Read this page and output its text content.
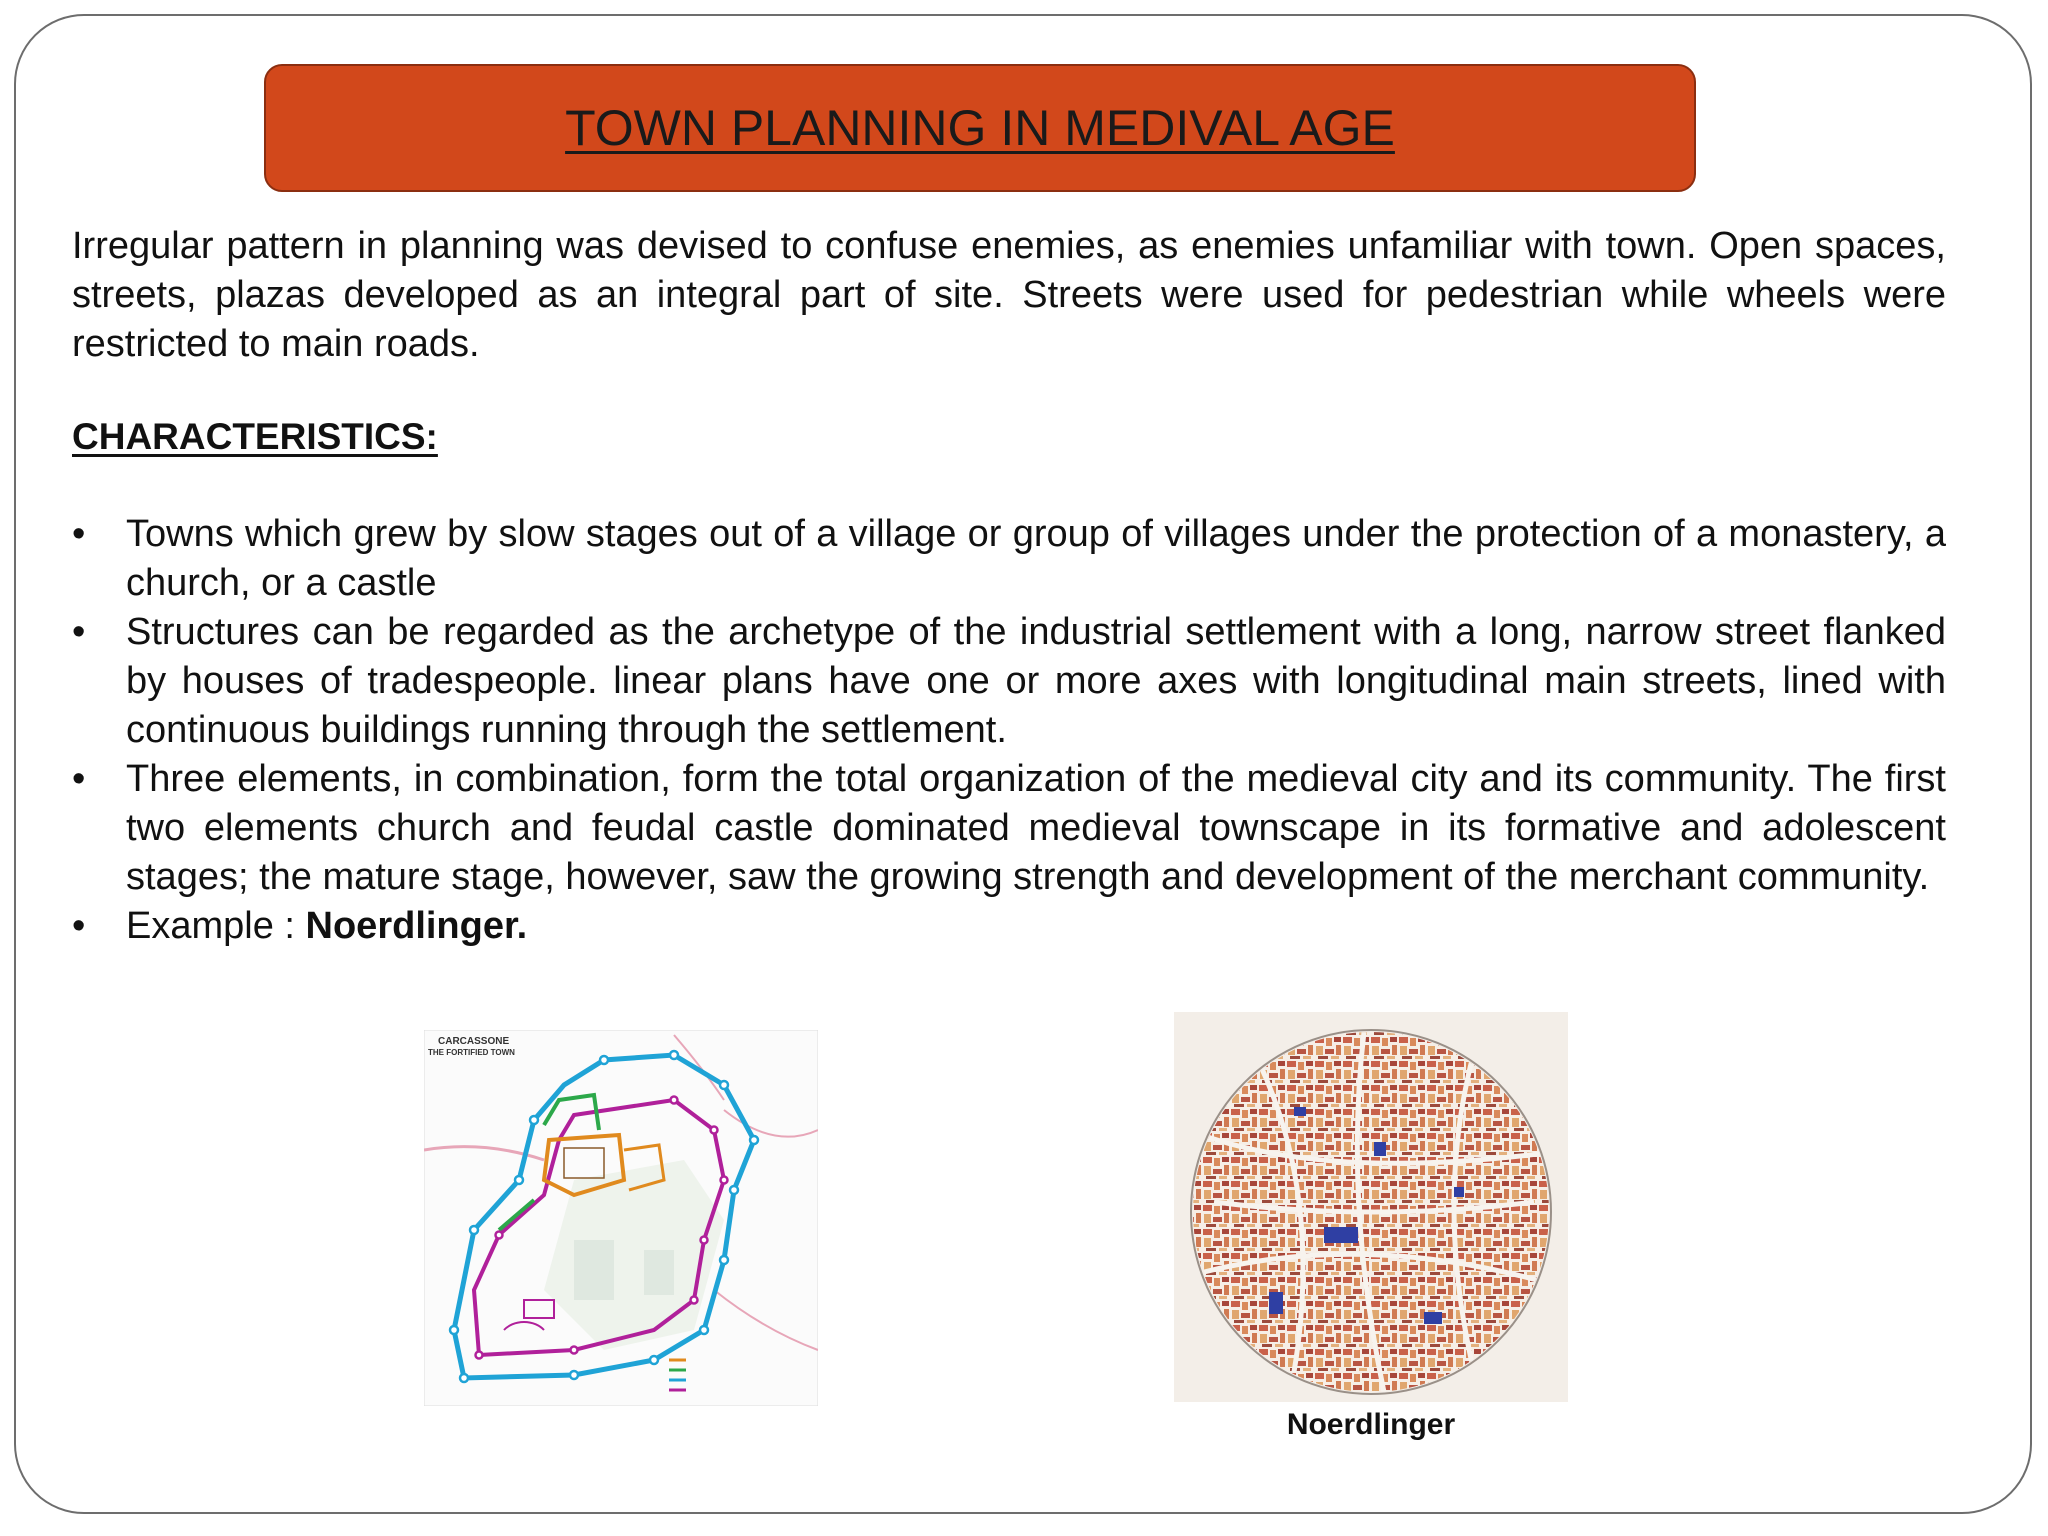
TOWN PLANNING IN MEDIVAL AGE

Irregular pattern in planning was devised to confuse enemies, as enemies unfamiliar with town. Open spaces, streets, plazas developed as an integral part of site. Streets were used for pedestrian while wheels were restricted to main roads.

CHARACTERISTICS:

•	Towns which grew by slow stages out of a village or group of villages under the protection of a monastery, a church, or a castle
•	Structures can be regarded as the archetype of the industrial settlement with a long, narrow street flanked by houses of tradespeople. linear plans have one or more axes with longitudinal main streets, lined with continuous buildings running through the settlement.
•	Three elements, in combination, form the total organization of the medieval city and its community. The first two elements church and feudal castle dominated medieval townscape in its formative and adolescent stages; the mature stage, however, saw the growing strength and development of the merchant community.
•	Example : Noerdlinger.
CARCASSONE
THE FORTIFIED TOWN
Noerdlinger
